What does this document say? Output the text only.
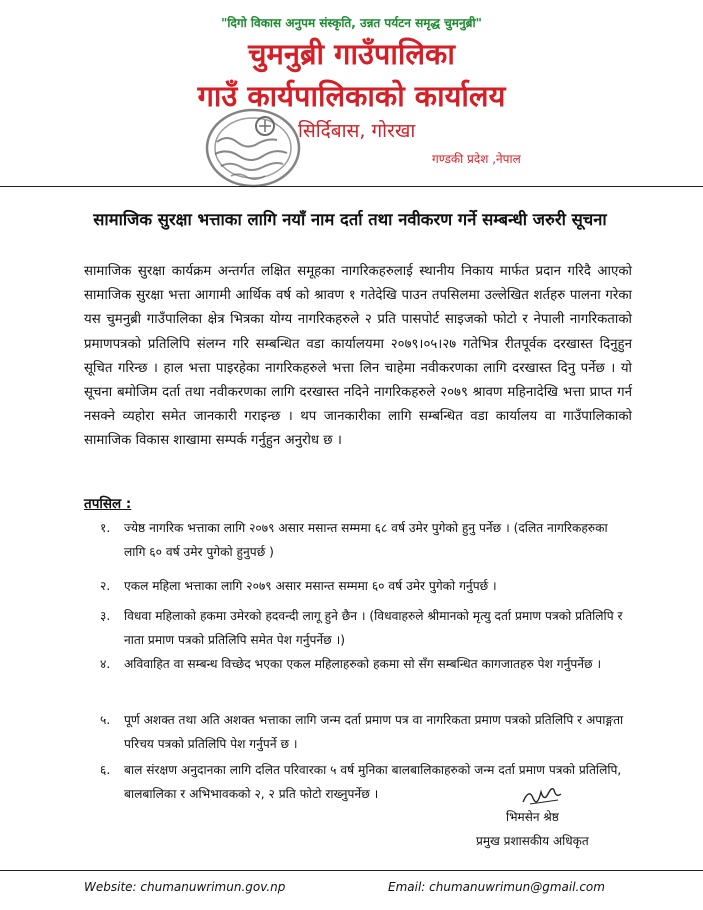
"दिगो विकास अनुपम संस्कृति, उन्नत पर्यटन समृद्ध चुमनुब्री"
चुमनुब्री गाउँपालिका
गाउँ कार्यपालिकाको कार्यालय
सिर्दिबास, गोरखा
गण्डकी प्रदेश ,नेपाल
सामाजिक सुरक्षा भत्ताका लागि नयाँ नाम दर्ता तथा नवीकरण गर्ने सम्बन्धी जरुरी सूचना
सामाजिक सुरक्षा कार्यक्रम अन्तर्गत लक्षित समूहका नागरिकहरुलाई स्थानीय निकाय मार्फत प्रदान गरिदै आएको सामाजिक सुरक्षा भत्ता आगामी आर्थिक वर्ष को श्रावण १ गतेदेखि पाउन तपसिलमा उल्लेखित शर्तहरु पालना गरेका यस चुमनुब्री गाउँपालिका क्षेत्र भित्रका योग्य नागरिकहरुले २ प्रति पासपोर्ट साइजको फोटो र नेपाली नागरिकताको प्रमाणपत्रको प्रतिलिपि संलग्न गरि सम्बन्धित वडा कार्यालयमा २०७९।०५।२७ गतेभित्र रीतपूर्वक दरखास्त दिनुहुन सूचित गरिन्छ । हाल भत्ता पाइरहेका नागरिकहरुले भत्ता लिन चाहेमा नवीकरणका लागि दरखास्त दिनु पर्नेछ । यो सूचना बमोजिम दर्ता तथा नवीकरणका लागि दरखास्त नदिने नागरिकहरुले २०७९ श्रावण महिनादेखि भत्ता प्राप्त गर्न नसक्ने व्यहोरा समेत जानकारी गराइन्छ । थप जानकारीका लागि सम्बन्धित वडा कार्यालय वा गाउँपालिकाको सामाजिक विकास शाखामा सम्पर्क गर्नुहुन अनुरोध छ ।
तपसिल :
१.	ज्येष्ठ नागरिक भत्ताका लागि २०७९ असार मसान्त सम्ममा ६८ वर्ष उमेर पुगेको हुनु पर्नेछ । (दलित नागरिकहरुका लागि ६० वर्ष उमेर पुगेको हुनुपर्छ )
२.	एकल महिला भत्ताका लागि २०७९ असार मसान्त सम्ममा ६० वर्ष उमेर पुगेको गर्नुपर्छ ।
३.	विधवा महिलाको हकमा उमेरको हदवन्दी लागू हुने छैन । (विधवाहरुले श्रीमानको मृत्यु दर्ता प्रमाण पत्रको प्रतिलिपि र नाता प्रमाण पत्रको प्रतिलिपि समेत पेश गर्नुपर्नेछ ।)
४.	अविवाहित वा सम्बन्ध विच्छेद भएका एकल महिलाहरुको हकमा सो सँग सम्बन्धित कागजातहरु पेश गर्नुपर्नेछ ।
५.	पूर्ण अशक्त तथा अति अशक्त भत्ताका लागि जन्म दर्ता प्रमाण पत्र वा नागरिकता प्रमाण पत्रको प्रतिलिपि र अपाङ्गता परिचय पत्रको प्रतिलिपि पेश गर्नुपर्ने छ ।
६.	बाल संरक्षण अनुदानका लागि दलित परिवारका ५ वर्ष मुनिका बालबालिकाहरुको जन्म दर्ता प्रमाण पत्रको प्रतिलिपि, बालबालिका र अभिभावकको २, २ प्रति फोटो राख्नुपर्नेछ ।
भिमसेन श्रेष्ठ
प्रमुख प्रशासकीय अधिकृत
Website: chumanuwrimun.gov.np	Email: chumanuwrimun@gmail.com
